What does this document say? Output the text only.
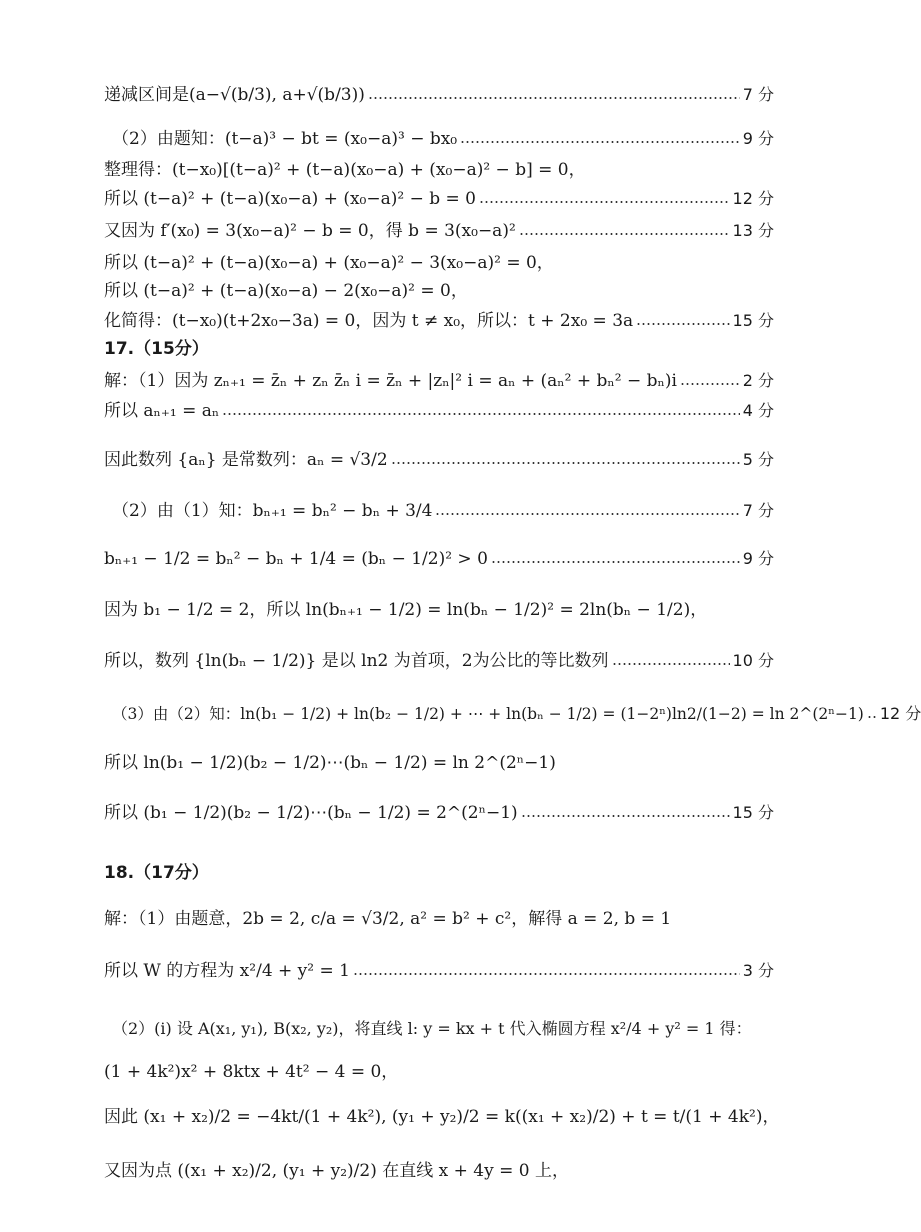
递减区间是(a−√(b/3), a+√(b/3))	7 分
（2）由题知：(t−a)³ − bt = (x₀−a)³ − bx₀	9 分
整理得：(t−x₀)[(t−a)² + (t−a)(x₀−a) + (x₀−a)² − b] = 0，
所以 (t−a)² + (t−a)(x₀−a) + (x₀−a)² − b = 0	12 分
又因为 f′(x₀) = 3(x₀−a)² − b = 0，得 b = 3(x₀−a)²	13 分
所以 (t−a)² + (t−a)(x₀−a) + (x₀−a)² − 3(x₀−a)² = 0，
所以 (t−a)² + (t−a)(x₀−a) − 2(x₀−a)² = 0，
化简得：(t−x₀)(t+2x₀−3a) = 0，因为 t ≠ x₀，所以：t + 2x₀ = 3a	15 分
17.（15分）
解：（1）因为 zₙ₊₁ = z̄ₙ + zₙ z̄ₙ i = z̄ₙ + |zₙ|² i = aₙ + (aₙ² + bₙ² − bₙ)i	2 分
所以 aₙ₊₁ = aₙ	4 分
因此数列 {aₙ} 是常数列：aₙ = √3/2	5 分
（2）由（1）知：bₙ₊₁ = bₙ² − bₙ + 3/4	7 分
bₙ₊₁ − 1/2 = bₙ² − bₙ + 1/4 = (bₙ − 1/2)² > 0	9 分
因为 b₁ − 1/2 = 2，所以 ln(bₙ₊₁ − 1/2) = ln(bₙ − 1/2)² = 2ln(bₙ − 1/2)，
所以，数列 {ln(bₙ − 1/2)} 是以 ln2 为首项，2为公比的等比数列	10 分
（3）由（2）知：ln(b₁ − 1/2) + ln(b₂ − 1/2) + ⋯ + ln(bₙ − 1/2) = (1−2ⁿ)ln2/(1−2) = ln 2^(2ⁿ−1) 12 分
所以 ln(b₁ − 1/2)(b₂ − 1/2)⋯(bₙ − 1/2) = ln 2^(2ⁿ−1)
所以 (b₁ − 1/2)(b₂ − 1/2)⋯(bₙ − 1/2) = 2^(2ⁿ−1)	15 分
18.（17分）
解：（1）由题意，2b = 2, c/a = √3/2, a² = b² + c²，解得 a = 2, b = 1
所以 W 的方程为 x²/4 + y² = 1	3 分
（2）(i) 设 A(x₁, y₁), B(x₂, y₂)，将直线 l: y = kx + t 代入椭圆方程 x²/4 + y² = 1 得：
(1 + 4k²)x² + 8ktx + 4t² − 4 = 0，
因此 (x₁ + x₂)/2 = −4kt/(1 + 4k²), (y₁ + y₂)/2 = k((x₁ + x₂)/2) + t = t/(1 + 4k²)，
又因为点 ((x₁ + x₂)/2, (y₁ + y₂)/2) 在直线 x + 4y = 0 上，
